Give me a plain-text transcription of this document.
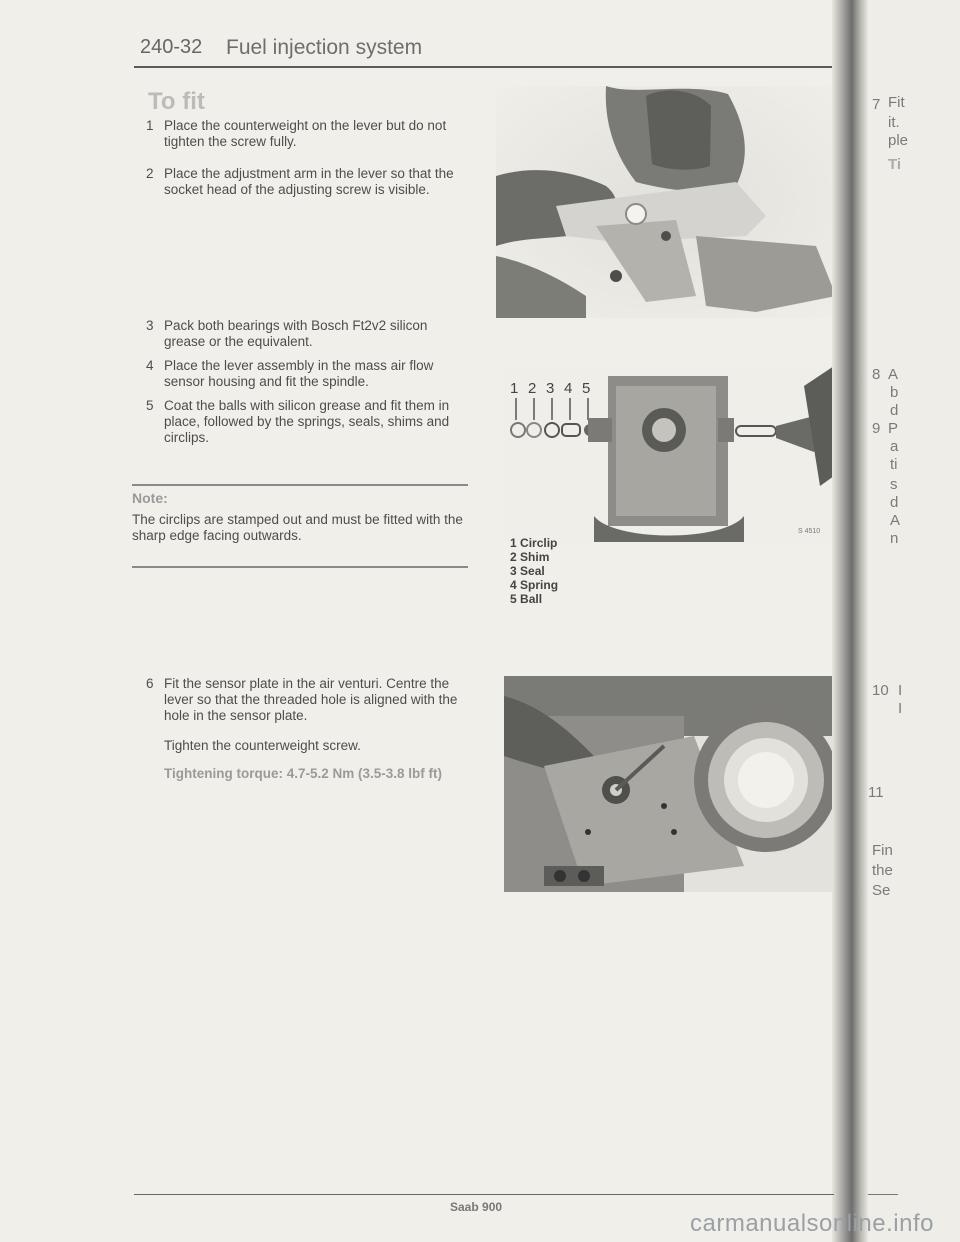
240-32 Fuel injection system
To fit
1 Place the counterweight on the lever but do not tighten the screw fully.
2 Place the adjustment arm in the lever so that the socket head of the adjusting screw is visible.
3 Pack both bearings with Bosch Ft2v2 silicon grease or the equivalent.
4 Place the lever assembly in the mass air flow sensor housing and fit the spindle.
5 Coat the balls with silicon grease and fit them in place, followed by the springs, seals, shims and circlips.
Note:
The circlips are stamped out and must be fitted with the sharp edge facing outwards.
6 Fit the sensor plate in the air venturi. Centre the lever so that the threaded hole is aligned with the hole in the sensor plate.
Tighten the counterweight screw.
Tightening torque: 4.7-5.2 Nm (3.5-3.8 lbf ft)
1 2 3 4 5
S 4510
1 Circlip
2 Shim
3 Seal
4 Spring
5 Ball
7 Fit
it.
ple
Ti
8 A
b
d
9 P
a
ti
s
d
A
n
10 I
I
11
Fin
the
Se
Saab 900
carmanualsonline.info
